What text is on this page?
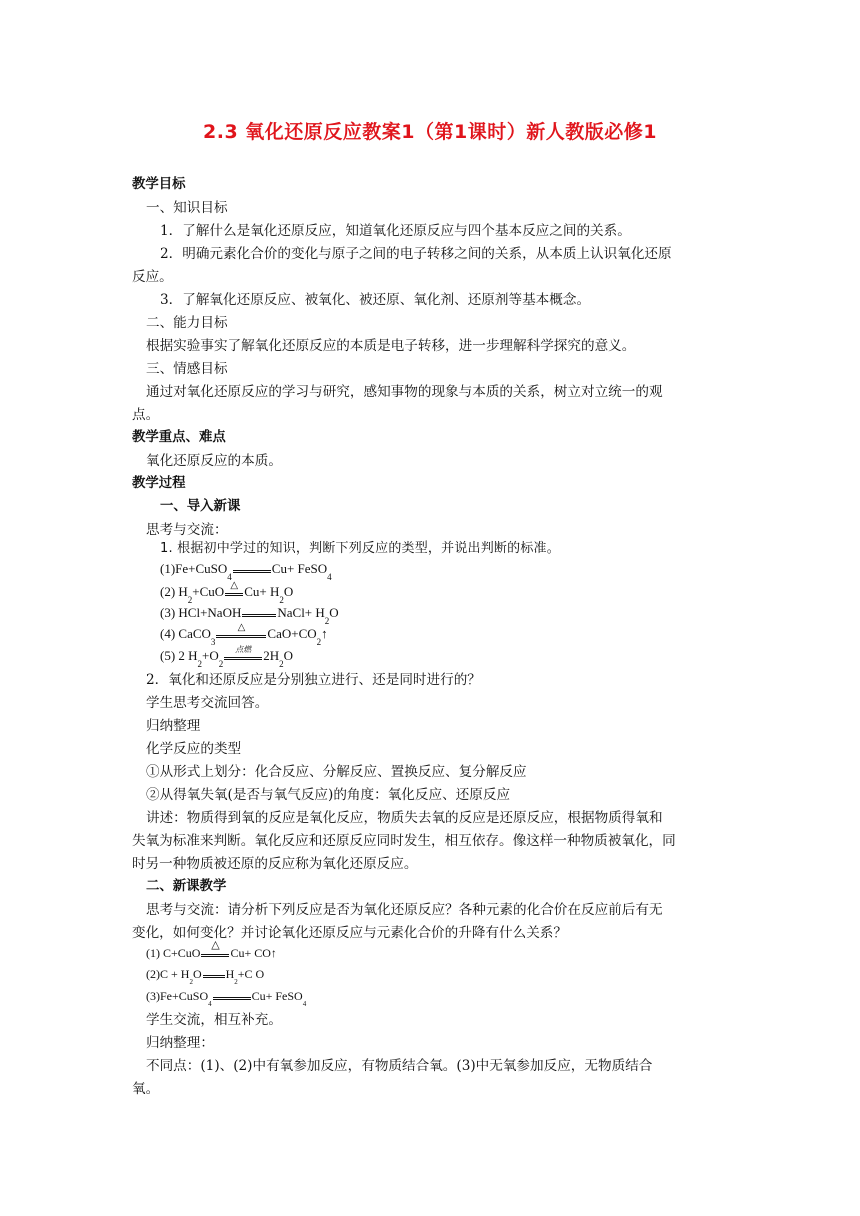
2.3 氧化还原反应教案1（第1课时）新人教版必修1
教学目标
一、知识目标
1．了解什么是氧化还原反应，知道氧化还原反应与四个基本反应之间的关系。
2．明确元素化合价的变化与原子之间的电子转移之间的关系，从本质上认识氧化还原
反应。
3．了解氧化还原反应、被氧化、被还原、氧化剂、还原剂等基本概念。
二、能力目标
根据实验事实了解氧化还原反应的本质是电子转移，进一步理解科学探究的意义。
三、情感目标
通过对氧化还原反应的学习与研究，感知事物的现象与本质的关系，树立对立统一的观
点。
教学重点、难点
氧化还原反应的本质。
教学过程
一、导入新课
思考与交流：
1. 根据初中学过的知识，判断下列反应的类型，并说出判断的标准。
(1)Fe+CuSO
4
Cu+ FeSO
4
(2) H
2
+CuO △ Cu+ H
2
O
(3) HCl+NaOH	NaCl+ H
2
O
(4) CaCO
3
△	CaO+CO
2
↑
(5) 2 H
2
+O
2
点燃 2H
2
O
2．氧化和还原反应是分别独立进行、还是同时进行的？
学生思考交流回答。
归纳整理
化学反应的类型
①从形式上划分：化合反应、分解反应、置换反应、复分解反应
②从得氧失氧(是否与氧气反应)的角度：氧化反应、还原反应
讲述：物质得到氧的反应是氧化反应，物质失去氧的反应是还原反应，根据物质得氧和
失氧为标准来判断。氧化反应和还原反应同时发生，相互依存。像这样一种物质被氧化，同
时另一种物质被还原的反应称为氧化还原反应。
二、新课教学
思考与交流：请分析下列反应是否为氧化还原反应？各种元素的化合价在反应前后有无
变化，如何变化？并讨论氧化还原反应与元素化合价的升降有什么关系？
(1) C+CuO
△
Cu+ CO↑
(2)C + H
2
O H
2
+C O
(3)Fe+CuSO
4
Cu+ FeSO
4
学生交流，相互补充。
归纳整理：
不同点：(1)、(2)中有氧参加反应，有物质结合氧。(3)中无氧参加反应，无物质结合
氧。
